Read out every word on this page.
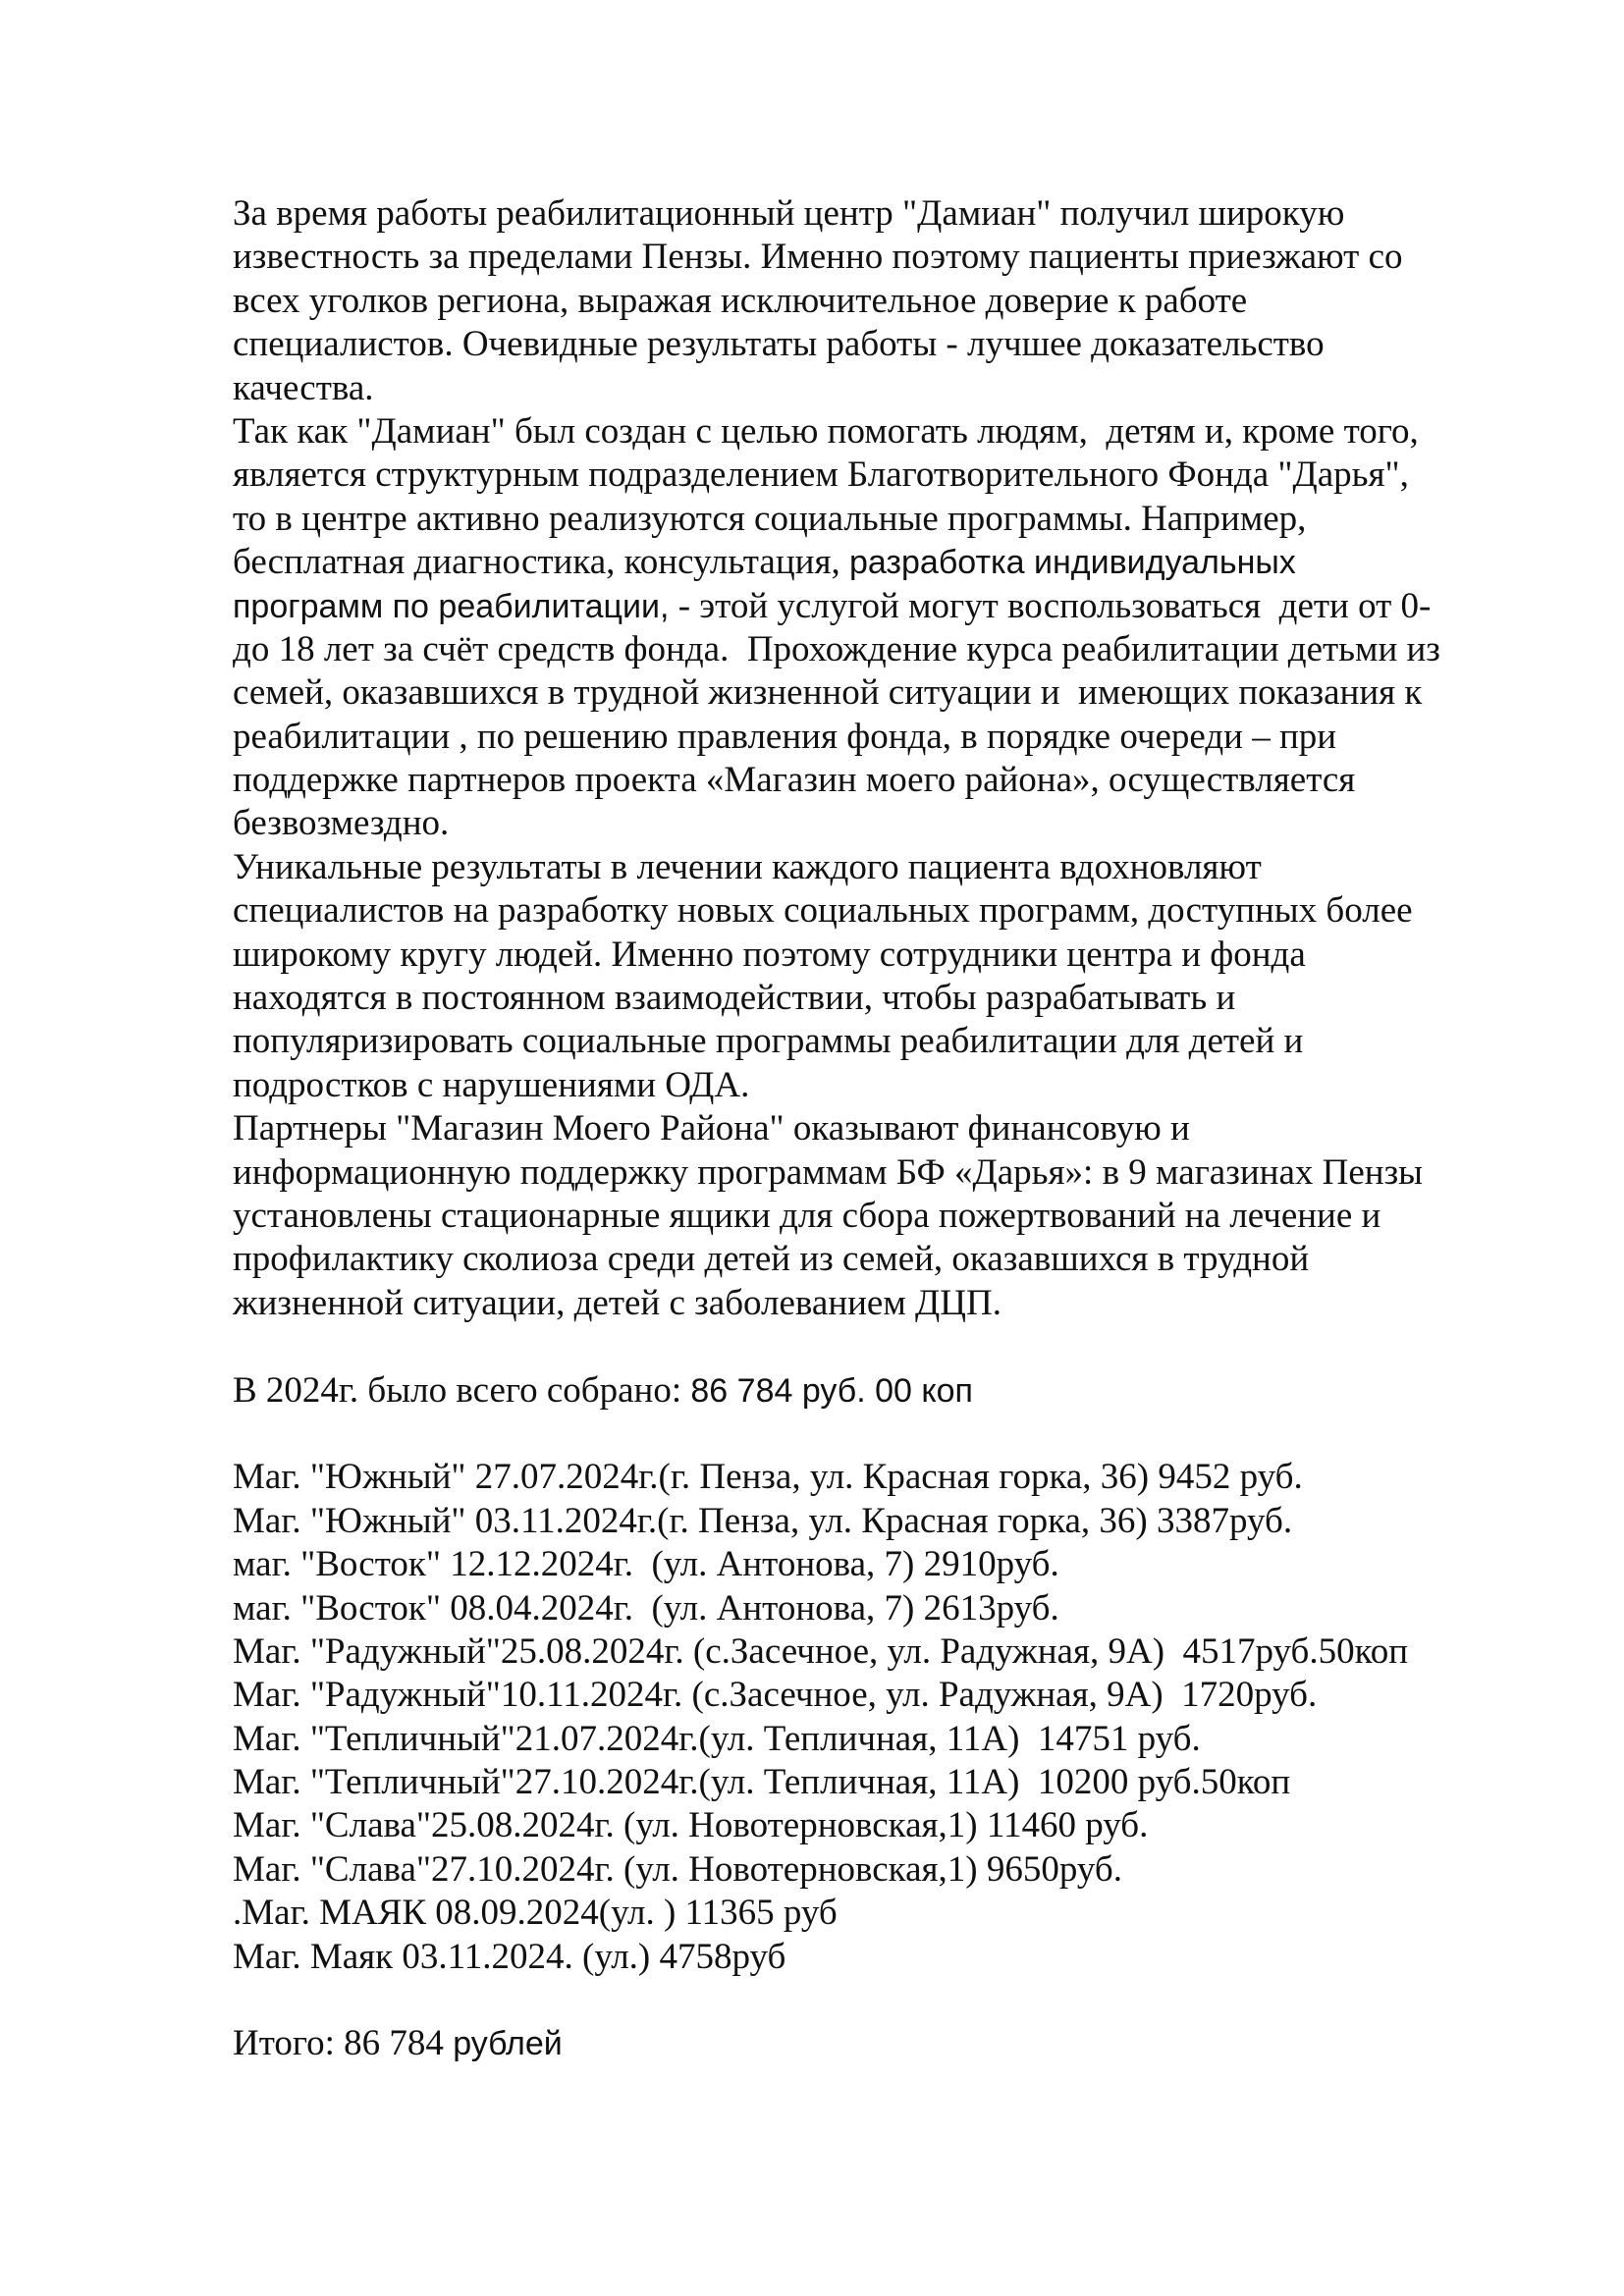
За время работы реабилитационный центр "Дамиан" получил широкую
известность за пределами Пензы. Именно поэтому пациенты приезжают со
всех уголков региона, выражая исключительное доверие к работе
специалистов. Очевидные результаты работы - лучшее доказательство
качества.
Так как "Дамиан" был создан с целью помогать людям,  детям и, кроме того,
является структурным подразделением Благотворительного Фонда "Дарья",
то в центре активно реализуются социальные программы. Например,
бесплатная диагностика, консультация, разработка индивидуальных
программ по реабилитации, - этой услугой могут воспользоваться  дети от 0-
до 18 лет за счёт средств фонда.  Прохождение курса реабилитации детьми из
семей, оказавшихся в трудной жизненной ситуации и  имеющих показания к
реабилитации , по решению правления фонда, в порядке очереди – при
поддержке партнеров проекта «Магазин моего района», осуществляется
безвозмездно.
Уникальные результаты в лечении каждого пациента вдохновляют
специалистов на разработку новых социальных программ, доступных более
широкому кругу людей. Именно поэтому сотрудники центра и фонда
находятся в постоянном взаимодействии, чтобы разрабатывать и
популяризировать социальные программы реабилитации для детей и
подростков с нарушениями ОДА.
Партнеры "Магазин Моего Района" оказывают финансовую и
информационную поддержку программам БФ «Дарья»: в 9 магазинах Пензы
установлены стационарные ящики для сбора пожертвований на лечение и
профилактику сколиоза среди детей из семей, оказавшихся в трудной
жизненной ситуации, детей с заболеванием ДЦП.
В 2024г. было всего собрано: 86 784 руб. 00 коп
Маг. "Южный" 27.07.2024г.(г. Пенза, ул. Красная горка, 36) 9452 руб.
Маг. "Южный" 03.11.2024г.(г. Пенза, ул. Красная горка, 36) 3387руб.
маг. "Восток" 12.12.2024г.  (ул. Антонова, 7) 2910руб.
маг. "Восток" 08.04.2024г.  (ул. Антонова, 7) 2613руб.
Маг. "Радужный"25.08.2024г. (с.Засечное, ул. Радужная, 9А)  4517руб.50коп
Маг. "Радужный"10.11.2024г. (с.Засечное, ул. Радужная, 9А)  1720руб.
Маг. "Тепличный"21.07.2024г.(ул. Тепличная, 11А)  14751 руб.
Маг. "Тепличный"27.10.2024г.(ул. Тепличная, 11А)  10200 руб.50коп
Маг. "Слава"25.08.2024г. (ул. Новотерновская,1) 11460 руб.
Маг. "Слава"27.10.2024г. (ул. Новотерновская,1) 9650руб.
.Маг. МАЯК 08.09.2024(ул. ) 11365 руб
Маг. Маяк 03.11.2024. (ул.) 4758руб
Итого: 86 784 рублей
